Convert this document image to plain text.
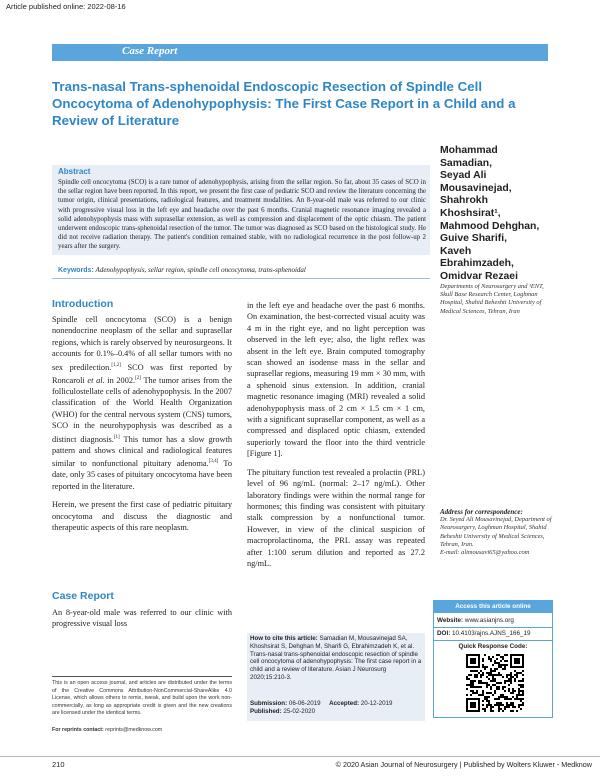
Article published online: 2022-08-16
Case Report
Trans-nasal Trans-sphenoidal Endoscopic Resection of Spindle Cell Oncocytoma of Adenohypophysis: The First Case Report in a Child and a Review of Literature
Abstract
Spindle cell oncocytoma (SCO) is a rare tumor of adenohypophysis, arising from the sellar region. So far, about 35 cases of SCO in the sellar region have been reported. In this report, we present the first case of pediatric SCO and review the literature concerning the tumor origin, clinical presentations, radiological features, and treatment modalities. An 8-year-old male was referred to our clinic with progressive visual loss in the left eye and headache over the past 6 months. Cranial magnetic resonance imaging revealed a solid adenohypophysis mass with suprasellar extension, as well as compression and displacement of the optic chiasm. The patient underwent endoscopic trans-sphenoidal resection of the tumor. The tumor was diagnosed as SCO based on the histological study. He did not receive radiation therapy. The patient's condition remained stable, with no radiological recurrence in the post follow-up 2 years after the surgery.
Keywords: Adenohypophysis, sellar region, spindle cell oncocytoma, trans-sphenoidal
Mohammad
Samadian,
Seyad Ali
Mousavinejad,
Shahrokh
Khoshsirat¹,
Mahmood Dehghan,
Guive Sharifi,
Kaveh
Ebrahimzadeh,
Omidvar Rezaei
Departments of Neurosurgery and ¹ENT, Skull Base Research Center, Loghman Hospital, Shahid Beheshti University of Medical Sciences, Tehran, Iran
Introduction

Spindle cell oncocytoma (SCO) is a benign nonendocrine neoplasm of the sellar and suprasellar regions, which is rarely observed by neurosurgeons. It accounts for 0.1%–0.4% of all sellar tumors with no sex predilection.[1,2] SCO was first reported by Roncaroli et al. in 2002.[2] The tumor arises from the folliculostellate cells of adenohypophysis. In the 2007 classification of the World Health Organization (WHO) for the central nervous system (CNS) tumors, SCO in the neurohypophysis was described as a distinct diagnosis.[1] This tumor has a slow growth pattern and shows clinical and radiological features similar to nonfunctional pituitary adenoma.[3,4] To date, only 35 cases of pituitary oncocytoma have been reported in the literature.

Herein, we present the first case of pediatric pituitary oncocytoma and discuss the diagnostic and therapeutic aspects of this rare neoplasm.

Case Report
An 8-year-old male was referred to our clinic with progressive visual loss

in the left eye and headache over the past 6 months. On examination, the best-corrected visual acuity was 4 m in the right eye, and no light perception was observed in the left eye; also, the light reflex was absent in the left eye. Brain computed tomography scan showed an isodense mass in the sellar and suprasellar regions, measuring 19 mm × 30 mm, with a sphenoid sinus extension. In addition, cranial magnetic resonance imaging (MRI) revealed a solid adenohypophysis mass of 2 cm × 1.5 cm × 1 cm, with a significant suprasellar component, as well as a compressed and displaced optic chiasm, extended superiorly toward the floor into the third ventricle [Figure 1].

The pituitary function test revealed a prolactin (PRL) level of 96 ng/mL (normal: 2–17 ng/mL). Other laboratory findings were within the normal range for hormones; this finding was consistent with pituitary stalk compression by a nonfunctional tumor. However, in view of the clinical suspicion of macroprolactinoma, the PRL assay was repeated after 1:100 serum dilution and reported as 27.2 ng/mL.

How to cite this article: Samadian M, Mousavinejad SA, Khoshsirat S, Dehghan M, Sharifi G, Ebrahimzadeh K, et al. Trans-nasal trans-sphenoidal endoscopic resection of spindle cell oncocytoma of adenohypophysis: The first case report in a child and a review of literature. Asian J Neurosurg 2020;15:210-3.
Submission: 06-06-2019 Accepted: 20-12-2019
Published: 25-02-2020
Address for correspondence:
Dr. Seyed Ali Mousavinejad, Department of Neurosurgery, Loghman Hospital, Shahid Beheshti University of Medical Sciences, Tehran, Iran.
E-mail: alimousavi65@yahoo.com
Access this article online
Website: www.asianjns.org
DOI: 10.4103/ajns.AJNS_166_19
Quick Response Code:
This is an open access journal, and articles are distributed under the terms of the Creative Commons Attribution-NonCommercial-ShareAlike 4.0 License, which allows others to remix, tweak, and build upon the work non-commercially, as long as appropriate credit is given and the new creations are licensed under the identical terms.
For reprints contact: reprints@medknow.com
210	© 2020 Asian Journal of Neurosurgery | Published by Wolters Kluwer - Medknow
